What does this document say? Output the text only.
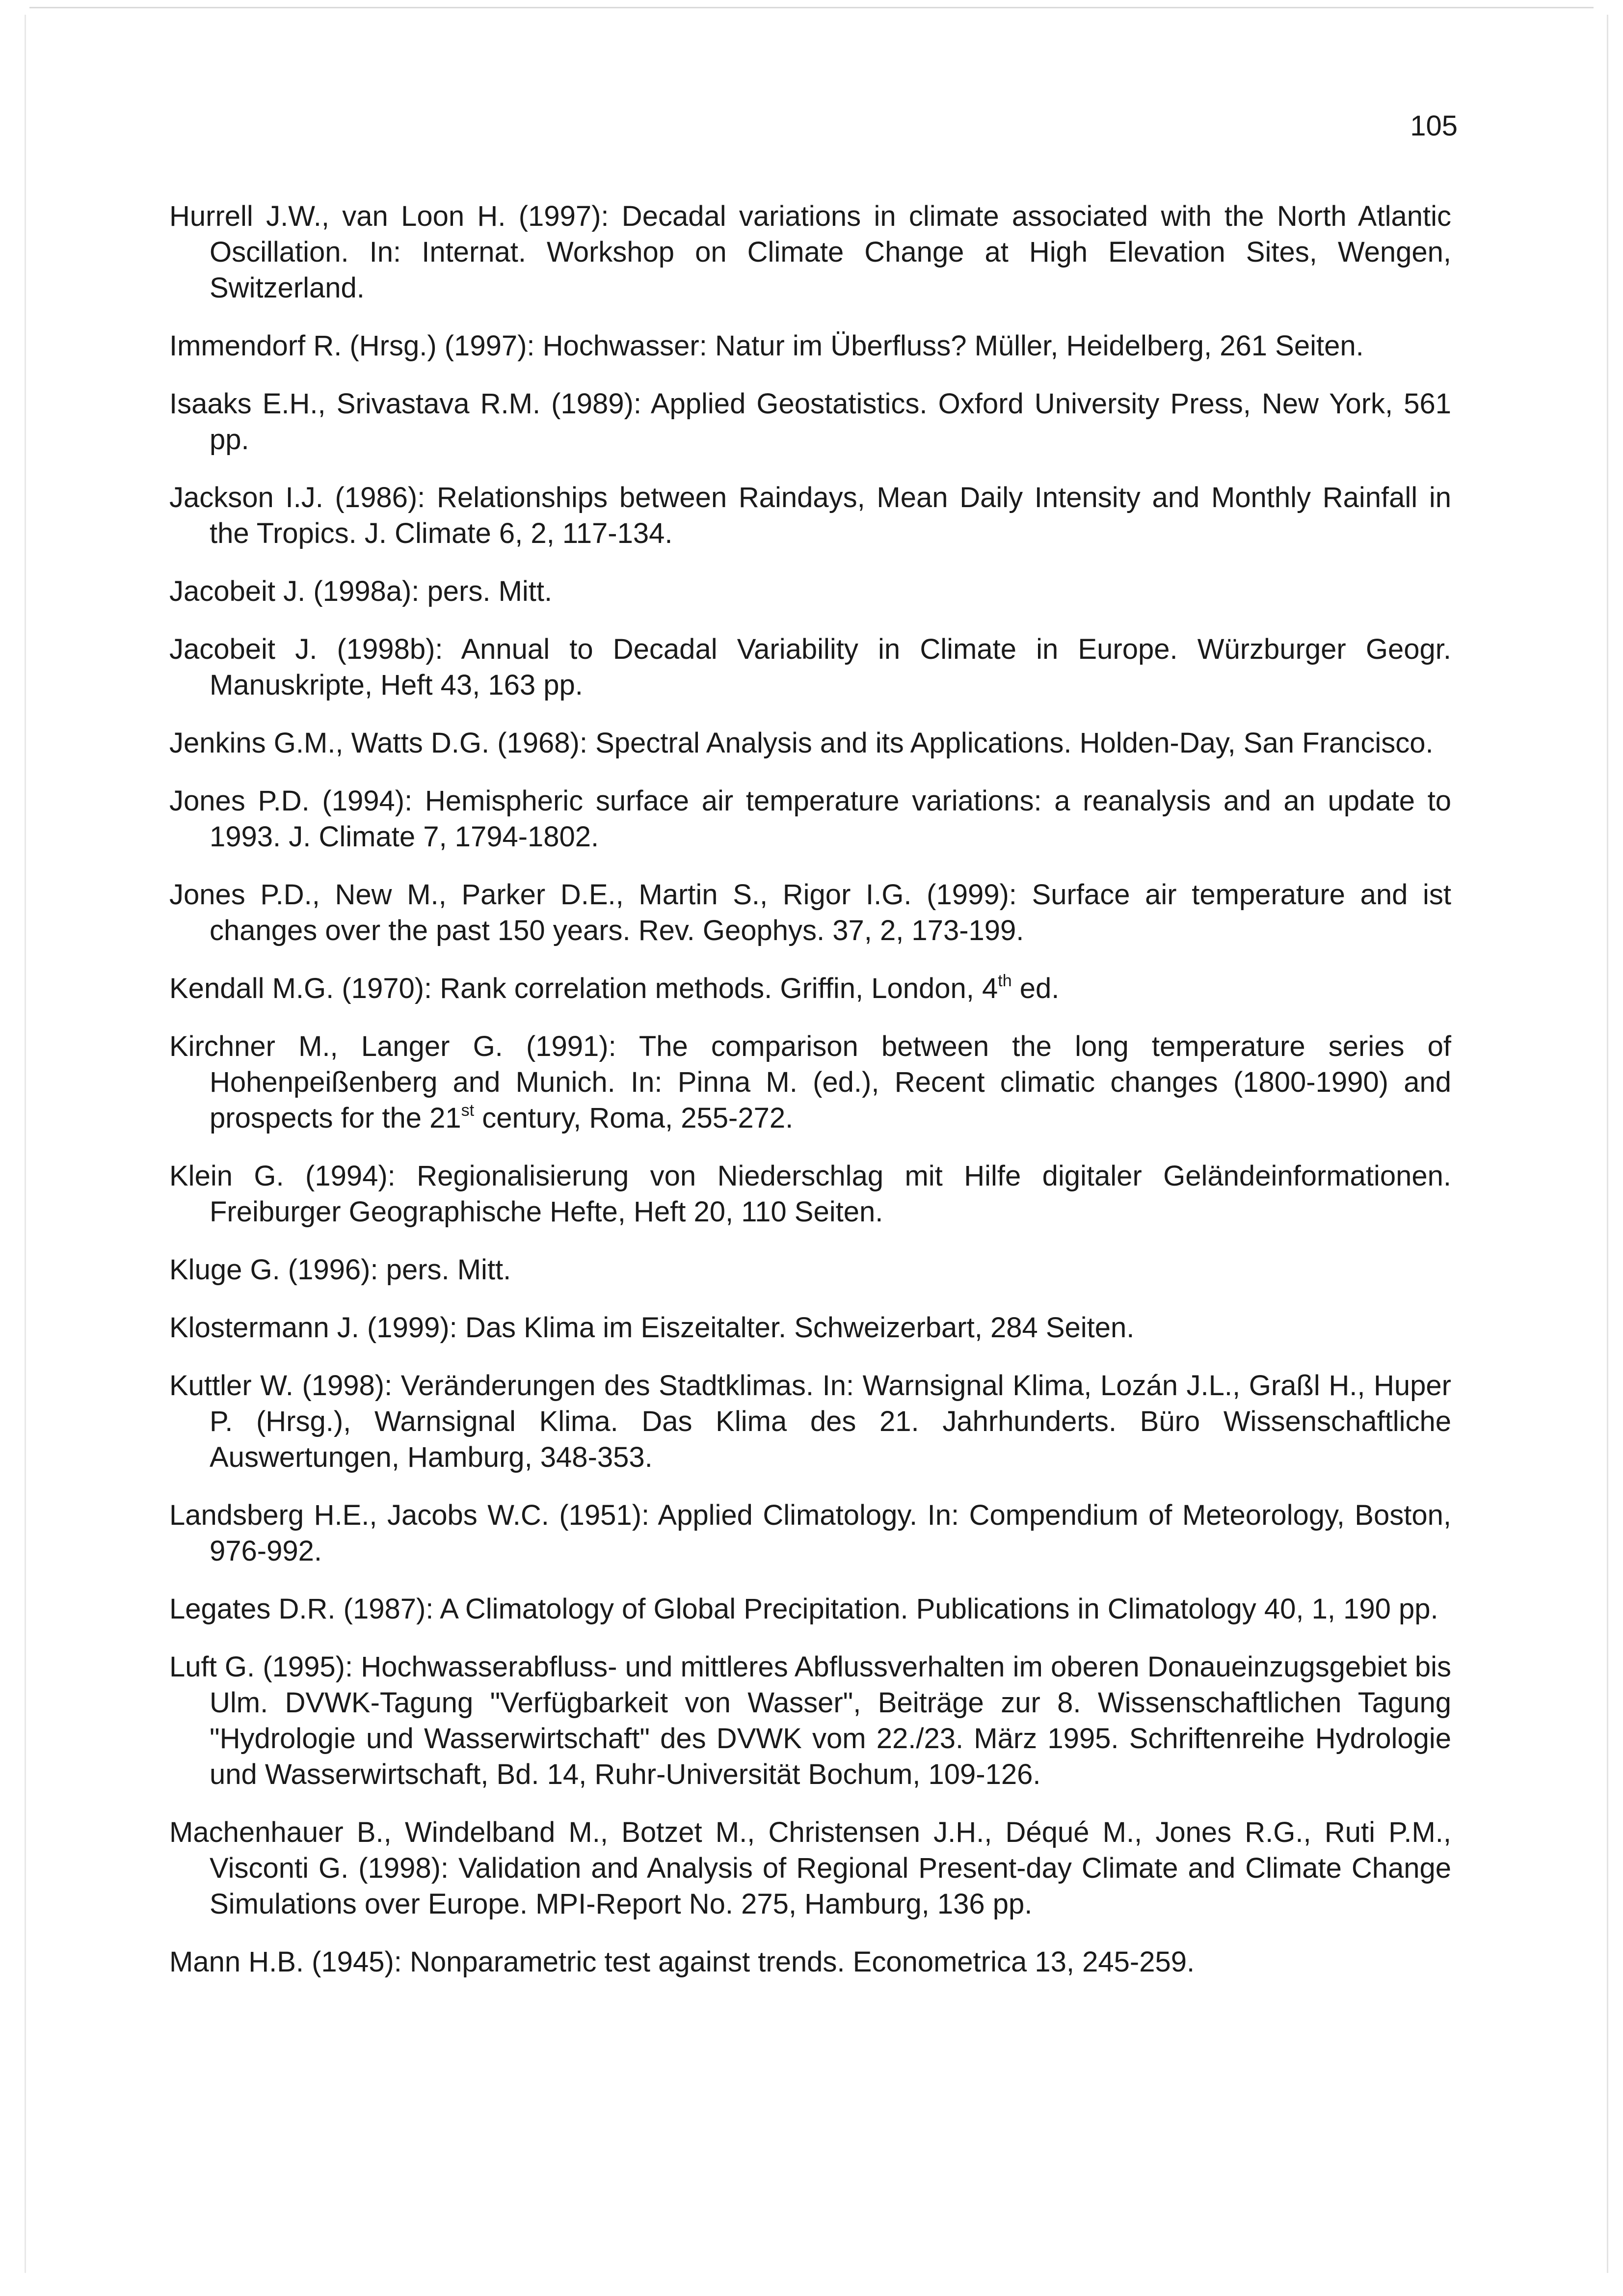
105
Hurrell J.W., van Loon H. (1997): Decadal variations in climate associated with the North Atlantic Oscillation. In: Internat. Workshop on Climate Change at High Elevation Sites, Wengen, Switzerland.
Immendorf R. (Hrsg.) (1997): Hochwasser: Natur im Überfluss? Müller, Heidelberg, 261 Seiten.
Isaaks E.H., Srivastava R.M. (1989): Applied Geostatistics. Oxford University Press, New York, 561 pp.
Jackson I.J. (1986): Relationships between Raindays, Mean Daily Intensity and Monthly Rainfall in the Tropics. J. Climate 6, 2, 117-134.
Jacobeit J. (1998a): pers. Mitt.
Jacobeit J. (1998b): Annual to Decadal Variability in Climate in Europe. Würzburger Geogr. Manuskripte, Heft 43, 163 pp.
Jenkins G.M., Watts D.G. (1968): Spectral Analysis and its Applications. Holden-Day, San Francisco.
Jones P.D. (1994): Hemispheric surface air temperature variations: a reanalysis and an update to 1993. J. Climate 7, 1794-1802.
Jones P.D., New M., Parker D.E., Martin S., Rigor I.G. (1999): Surface air temperature and ist changes over the past 150 years. Rev. Geophys. 37, 2, 173-199.
Kendall M.G. (1970): Rank correlation methods. Griffin, London, 4th ed.
Kirchner M., Langer G. (1991): The comparison between the long temperature series of Hohenpeißenberg and Munich. In: Pinna M. (ed.), Recent climatic changes (1800-1990) and prospects for the 21st century, Roma, 255-272.
Klein G. (1994): Regionalisierung von Niederschlag mit Hilfe digitaler Geländeinformationen. Freiburger Geographische Hefte, Heft 20, 110 Seiten.
Kluge G. (1996): pers. Mitt.
Klostermann J. (1999): Das Klima im Eiszeitalter. Schweizerbart, 284 Seiten.
Kuttler W. (1998): Veränderungen des Stadtklimas. In: Warnsignal Klima, Lozán J.L., Graßl H., Huper P. (Hrsg.), Warnsignal Klima. Das Klima des 21. Jahrhunderts. Büro Wissenschaftliche Auswertungen, Hamburg, 348-353.
Landsberg H.E., Jacobs W.C. (1951): Applied Climatology. In: Compendium of Meteorology, Boston, 976-992.
Legates D.R. (1987): A Climatology of Global Precipitation. Publications in Climatology 40, 1, 190 pp.
Luft G. (1995): Hochwasserabfluss- und mittleres Abflussverhalten im oberen Donaueinzugsgebiet bis Ulm. DVWK-Tagung "Verfügbarkeit von Wasser", Beiträge zur 8. Wissenschaftlichen Tagung "Hydrologie und Wasserwirtschaft" des DVWK vom 22./23. März 1995. Schriftenreihe Hydrologie und Wasserwirtschaft, Bd. 14, Ruhr-Universität Bochum, 109-126.
Machenhauer B., Windelband M., Botzet M., Christensen J.H., Déqué M., Jones R.G., Ruti P.M., Visconti G. (1998): Validation and Analysis of Regional Present-day Climate and Climate Change Simulations over Europe. MPI-Report No. 275, Hamburg, 136 pp.
Mann H.B. (1945): Nonparametric test against trends. Econometrica 13, 245-259.
